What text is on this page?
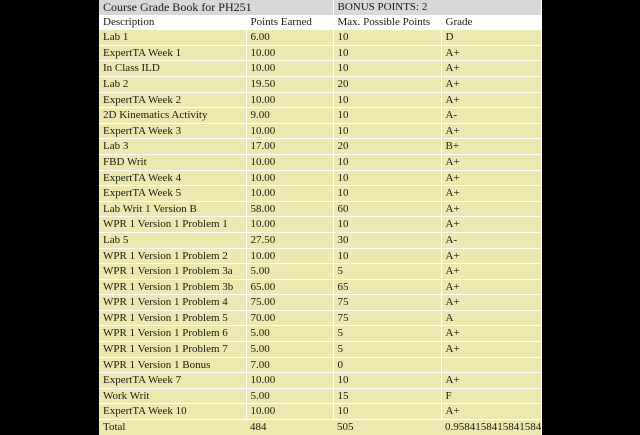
Course Grade Book for PH251		BONUS POINTS: 2	
Description	Points Earned	Max. Possible Points	Grade
Lab 1	6.00	10	D
ExpertTA Week 1	10.00	10	A+
In Class ILD	10.00	10	A+
Lab 2	19.50	20	A+
ExpertTA Week 2	10.00	10	A+
2D Kinematics Activity	9.00	10	A-
ExpertTA Week 3	10.00	10	A+
Lab 3	17.00	20	B+
FBD Writ	10.00	10	A+
ExpertTA Week 4	10.00	10	A+
ExpertTA Week 5	10.00	10	A+
Lab Writ 1 Version B	58.00	60	A+
WPR 1 Version 1 Problem 1	10.00	10	A+
Lab 5	27.50	30	A-
WPR 1 Version 1 Problem 2	10.00	10	A+
WPR 1 Version 1 Problem 3a	5.00	5	A+
WPR 1 Version 1 Problem 3b	65.00	65	A+
WPR 1 Version 1 Problem 4	75.00	75	A+
WPR 1 Version 1 Problem 5	70.00	75	A
WPR 1 Version 1 Problem 6	5.00	5	A+
WPR 1 Version 1 Problem 7	5.00	5	A+
WPR 1 Version 1 Bonus	7.00	0	
ExpertTA Week 7	10.00	10	A+
Work Writ	5.00	15	F
ExpertTA Week 10	10.00	10	A+
Total	484	505	0.9584158415841584
